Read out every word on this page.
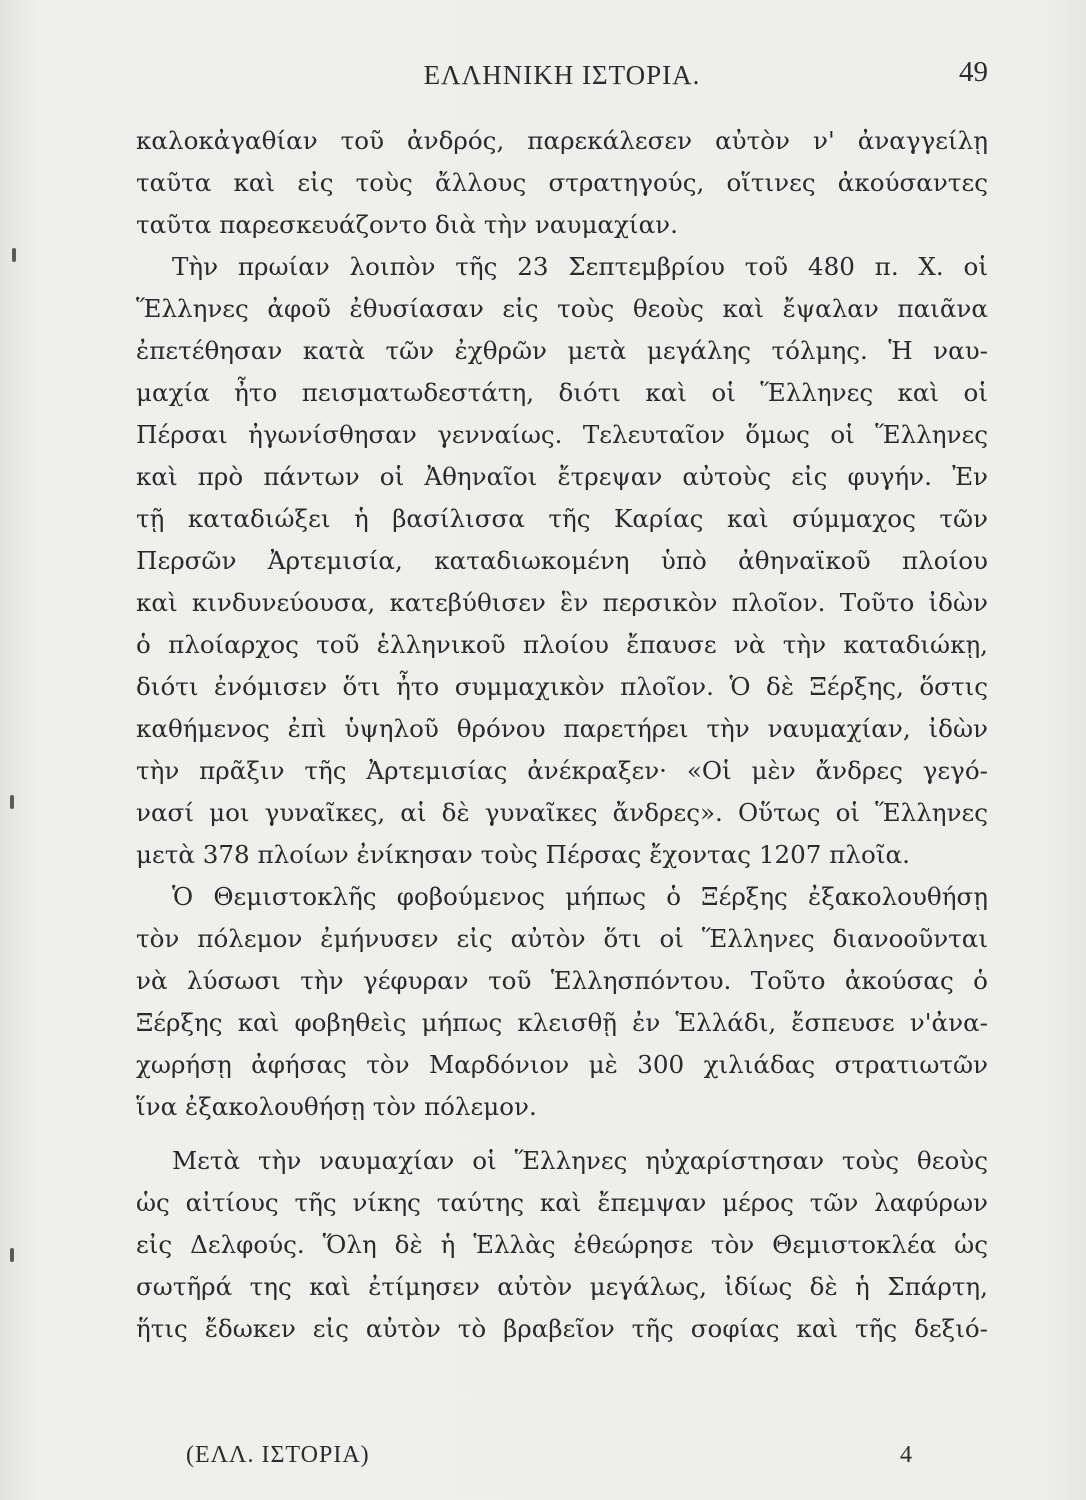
ΕΛΛΗΝΙΚΗ ΙΣΤΟΡΙΑ.	49
καλοκἀγαθίαν τοῦ ἀνδρός, παρεκάλεσεν αὐτὸν ν' ἀναγγείλῃ
ταῦτα καὶ εἰς τοὺς ἄλλους στρατηγούς, οἵτινες ἀκούσαντες
ταῦτα παρεσκευάζοντο διὰ τὴν ναυμαχίαν.
Τὴν πρωίαν λοιπὸν τῆς 23 Σεπτεμβρίου τοῦ 480 π. Χ. οἱ
Ἕλληνες ἀφοῦ ἐθυσίασαν εἰς τοὺς θεοὺς καὶ ἔψαλαν παιᾶνα
ἐπετέθησαν κατὰ τῶν ἐχθρῶν μετὰ μεγάλης τόλμης. Ἡ ναυ-
μαχία ἦτο πεισματωδεστάτη, διότι καὶ οἱ Ἕλληνες καὶ οἱ
Πέρσαι ἠγωνίσθησαν γενναίως. Τελευταῖον ὅμως οἱ Ἕλληνες
καὶ πρὸ πάντων οἱ Ἀθηναῖοι ἔτρεψαν αὐτοὺς εἰς φυγήν. Ἐν
τῇ καταδιώξει ἡ βασίλισσα τῆς Καρίας καὶ σύμμαχος τῶν
Περσῶν Ἀρτεμισία, καταδιωκομένη ὑπὸ ἀθηναϊκοῦ πλοίου
καὶ κινδυνεύουσα, κατεβύθισεν ἓν περσικὸν πλοῖον. Τοῦτο ἰδὼν
ὁ πλοίαρχος τοῦ ἑλληνικοῦ πλοίου ἔπαυσε νὰ τὴν καταδιώκῃ,
διότι ἐνόμισεν ὅτι ἦτο συμμαχικὸν πλοῖον. Ὁ δὲ Ξέρξης, ὅστις
καθήμενος ἐπὶ ὑψηλοῦ θρόνου παρετήρει τὴν ναυμαχίαν, ἰδὼν
τὴν πρᾶξιν τῆς Ἀρτεμισίας ἀνέκραξεν· «Οἱ μὲν ἄνδρες γεγό-
νασί μοι γυναῖκες, αἱ δὲ γυναῖκες ἄνδρες». Οὕτως οἱ Ἕλληνες
μετὰ 378 πλοίων ἐνίκησαν τοὺς Πέρσας ἔχοντας 1207 πλοῖα.
Ὁ Θεμιστοκλῆς φοβούμενος μήπως ὁ Ξέρξης ἐξακολουθήσῃ
τὸν πόλεμον ἐμήνυσεν εἰς αὐτὸν ὅτι οἱ Ἕλληνες διανοοῦνται
νὰ λύσωσι τὴν γέφυραν τοῦ Ἑλλησπόντου. Τοῦτο ἀκούσας ὁ
Ξέρξης καὶ φοβηθεὶς μήπως κλεισθῇ ἐν Ἑλλάδι, ἔσπευσε ν'ἀνα-
χωρήσῃ ἀφήσας τὸν Μαρδόνιον μὲ 300 χιλιάδας στρατιωτῶν
ἵνα ἐξακολουθήσῃ τὸν πόλεμον.
Μετὰ τὴν ναυμαχίαν οἱ Ἕλληνες ηὐχαρίστησαν τοὺς θεοὺς
ὡς αἰτίους τῆς νίκης ταύτης καὶ ἔπεμψαν μέρος τῶν λαφύρων
εἰς Δελφούς. Ὅλη δὲ ἡ Ἑλλὰς ἐθεώρησε τὸν Θεμιστοκλέα ὡς
σωτῆρά της καὶ ἐτίμησεν αὐτὸν μεγάλως, ἰδίως δὲ ἡ Σπάρτη,
ἥτις ἔδωκεν εἰς αὐτὸν τὸ βραβεῖον τῆς σοφίας καὶ τῆς δεξιό-
(ΕΛΛ. ΙΣΤΟΡΙΑ)	4
